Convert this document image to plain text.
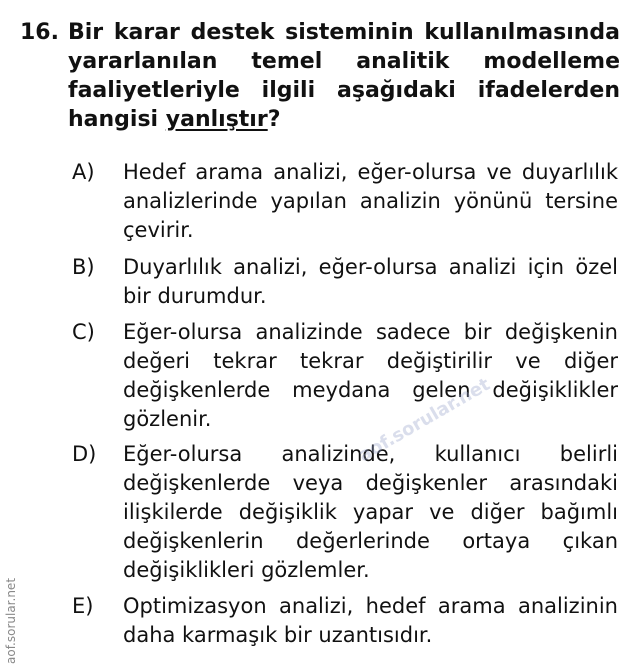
16. Bir karar destek sisteminin kullanılmasında yararlanılan temel analitik modelleme faaliyetleriyle ilgili aşağıdaki ifadelerden hangisi yanlıştır?
A) Hedef arama analizi, eğer-olursa ve duyarlılık analizlerinde yapılan analizin yönünü tersine çevirir.
B) Duyarlılık analizi, eğer-olursa analizi için özel bir durumdur.
C) Eğer-olursa analizinde sadece bir değişkenin değeri tekrar tekrar değiştirilir ve diğer değişkenlerde meydana gelen değişiklikler gözlenir.
D) Eğer-olursa analizinde, kullanıcı belirli değişkenlerde veya değişkenler arasındaki ilişkilerde değişiklik yapar ve diğer bağımlı değişkenlerin değerlerinde ortaya çıkan değişiklikleri gözlemler.
E) Optimizasyon analizi, hedef arama analizinin daha karmaşık bir uzantısıdır.
aof.sorular.net
aof.sorular.net
